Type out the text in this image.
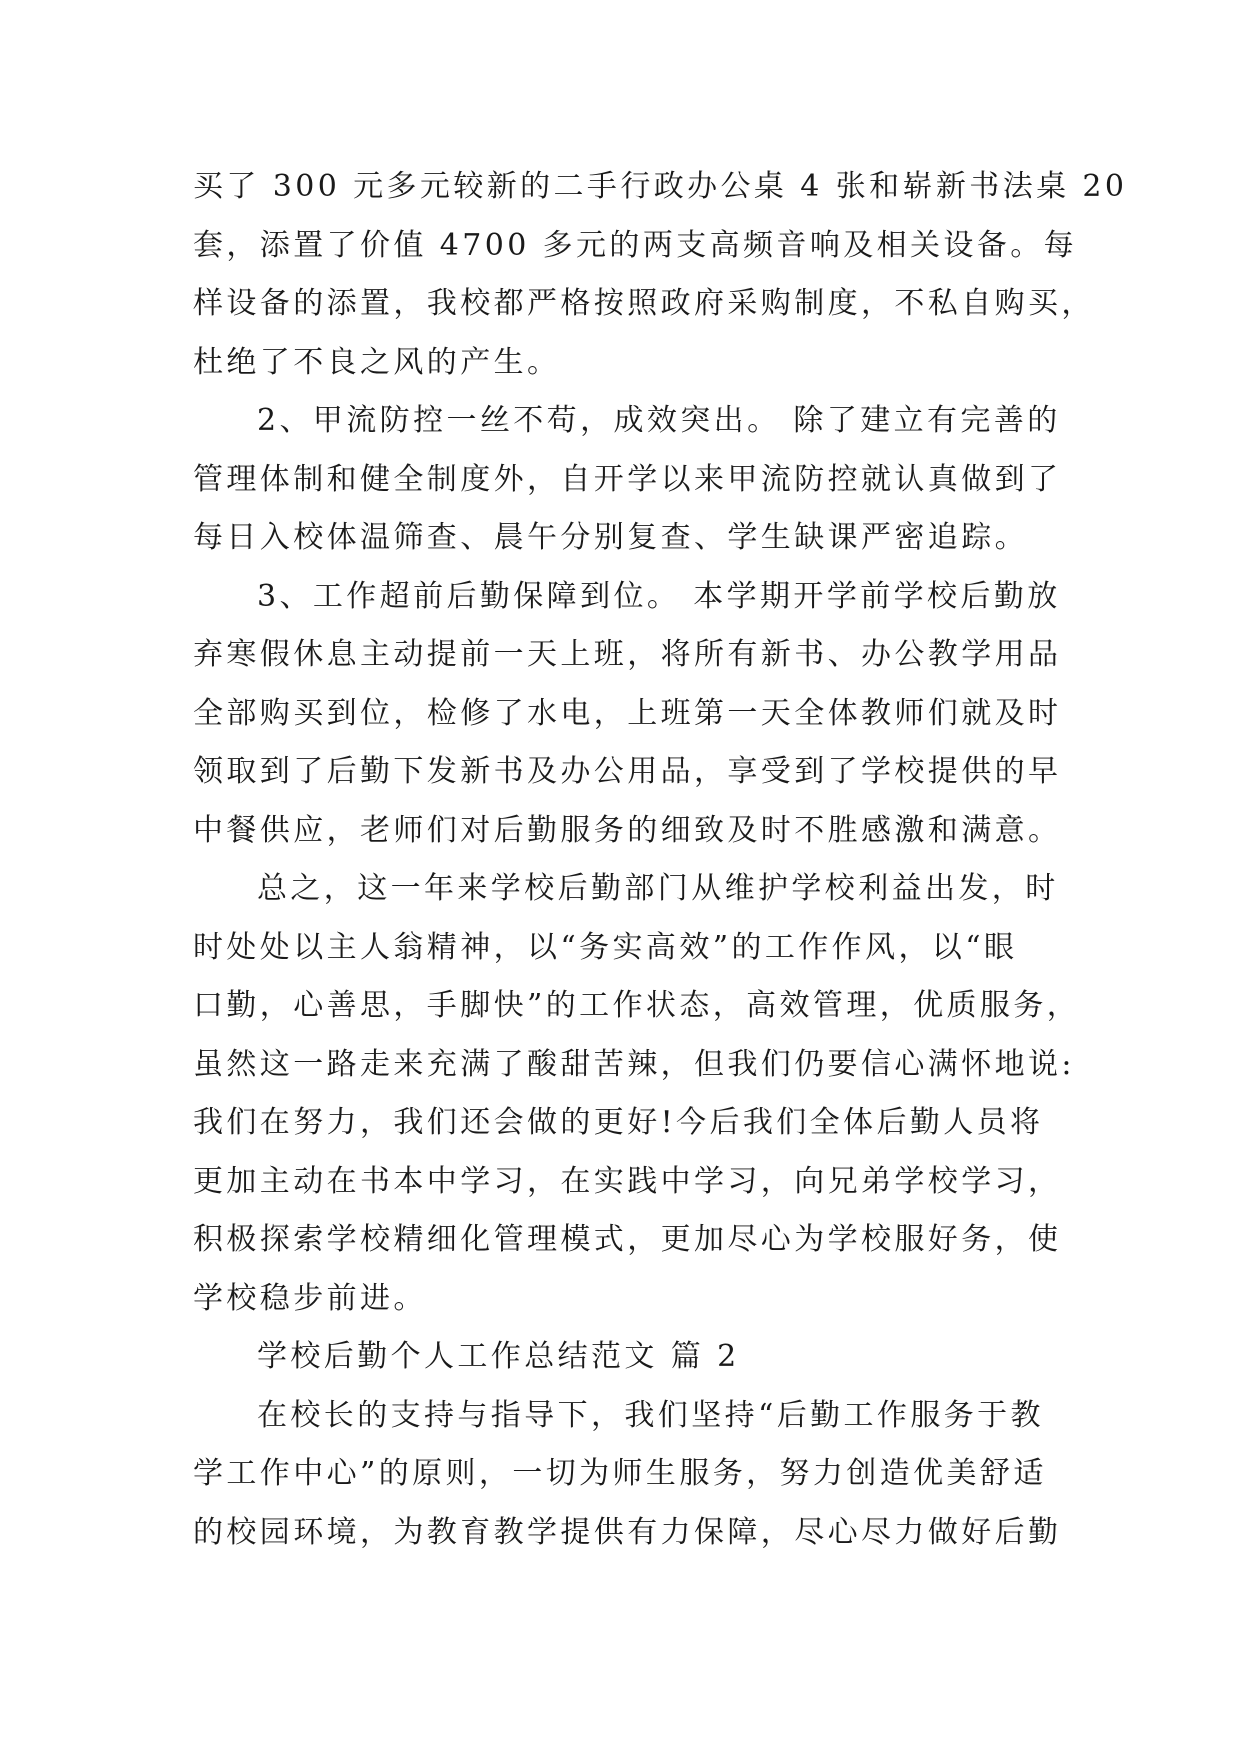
买了 300 元多元较新的二手行政办公桌 4 张和崭新书法桌 20
套，添置了价值 4700 多元的两支高频音响及相关设备。每
样设备的添置，我校都严格按照政府采购制度，不私自购买，
杜绝了不良之风的产生。
2、甲流防控一丝不苟，成效突出。 除了建立有完善的
管理体制和健全制度外，自开学以来甲流防控就认真做到了
每日入校体温筛查、晨午分别复查、学生缺课严密追踪。
3、工作超前后勤保障到位。 本学期开学前学校后勤放
弃寒假休息主动提前一天上班，将所有新书、办公教学用品
全部购买到位，检修了水电，上班第一天全体教师们就及时
领取到了后勤下发新书及办公用品，享受到了学校提供的早
中餐供应，老师们对后勤服务的细致及时不胜感激和满意。
总之，这一年来学校后勤部门从维护学校利益出发，时
时处处以主人翁精神，以“务实高效”的工作作风，以“眼
口勤，心善思，手脚快”的工作状态，高效管理，优质服务，
虽然这一路走来充满了酸甜苦辣，但我们仍要信心满怀地说:
我们在努力，我们还会做的更好!今后我们全体后勤人员将
更加主动在书本中学习，在实践中学习，向兄弟学校学习，
积极探索学校精细化管理模式，更加尽心为学校服好务，使
学校稳步前进。
学校后勤个人工作总结范文 篇 2
在校长的支持与指导下，我们坚持“后勤工作服务于教
学工作中心”的原则，一切为师生服务，努力创造优美舒适
的校园环境，为教育教学提供有力保障，尽心尽力做好后勤
